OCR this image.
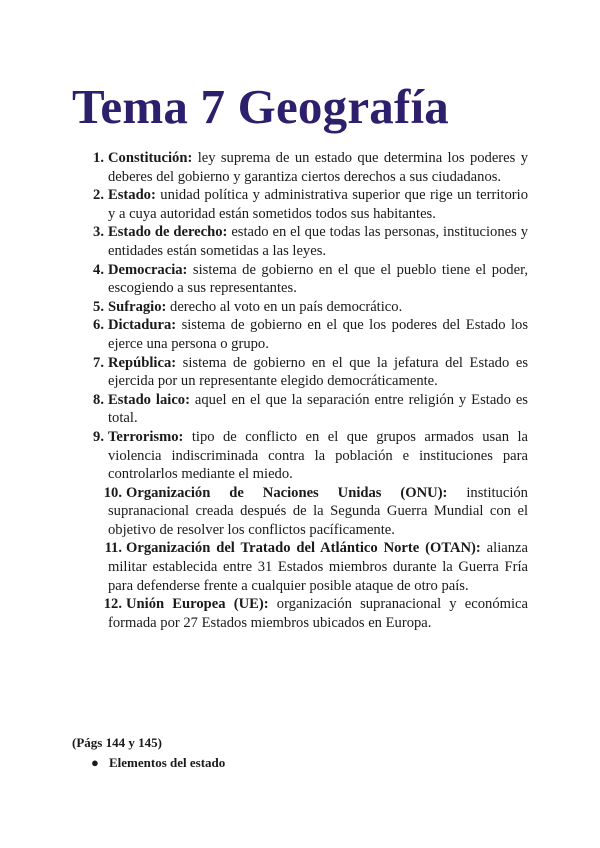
Tema 7 Geografía
1. Constitución: ley suprema de un estado que determina los poderes y deberes del gobierno y garantiza ciertos derechos a sus ciudadanos.
2. Estado: unidad política y administrativa superior que rige un territorio y a cuya autoridad están sometidos todos sus habitantes.
3. Estado de derecho: estado en el que todas las personas, instituciones y entidades están sometidas a las leyes.
4. Democracia: sistema de gobierno en el que el pueblo tiene el poder, escogiendo a sus representantes.
5. Sufragio: derecho al voto en un país democrático.
6. Dictadura: sistema de gobierno en el que los poderes del Estado los ejerce una persona o grupo.
7. República: sistema de gobierno en el que la jefatura del Estado es ejercida por un representante elegido democráticamente.
8. Estado laico: aquel en el que la separación entre religión y Estado es total.
9. Terrorismo: tipo de conflicto en el que grupos armados usan la violencia indiscriminada contra la población e instituciones para controlarlos mediante el miedo.
10. Organización de Naciones Unidas (ONU): institución supranacional creada después de la Segunda Guerra Mundial con el objetivo de resolver los conflictos pacíficamente.
11. Organización del Tratado del Atlántico Norte (OTAN): alianza militar establecida entre 31 Estados miembros durante la Guerra Fría para defenderse frente a cualquier posible ataque de otro país.
12. Unión Europea (UE): organización supranacional y económica formada por 27 Estados miembros ubicados en Europa.
(Págs 144 y 145)
● Elementos del estado
